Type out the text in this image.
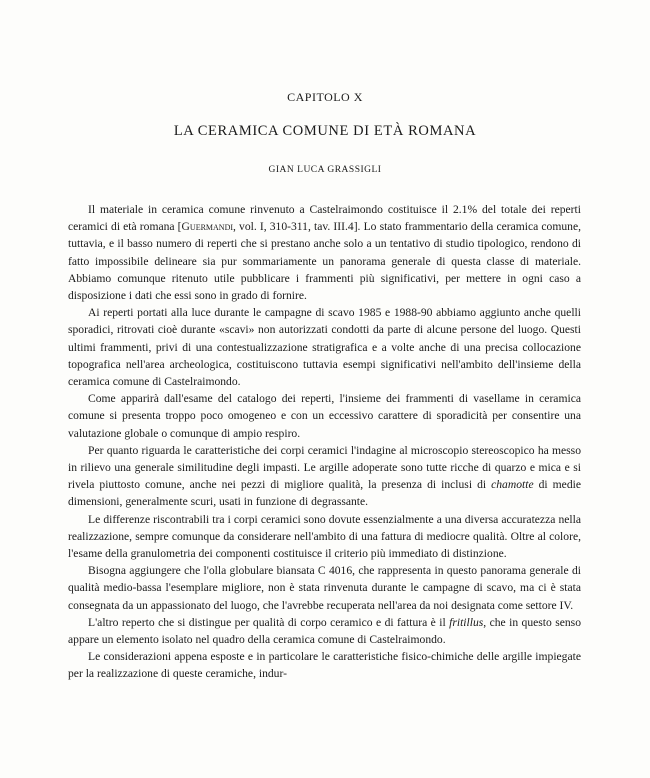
CAPITOLO X
LA CERAMICA COMUNE DI ETÀ ROMANA
GIAN LUCA GRASSIGLI

Il materiale in ceramica comune rinvenuto a Castelraimondo costituisce il 2.1% del totale dei reperti ceramici di età romana [Guermandi, vol. I, 310-311, tav. III.4]. Lo stato frammentario della ceramica comune, tuttavia, e il basso numero di reperti che si prestano anche solo a un tentativo di studio tipologico, rendono di fatto impossibile delineare sia pur sommariamente un panorama generale di questa classe di materiale. Abbiamo comunque ritenuto utile pubblicare i frammenti più significativi, per mettere in ogni caso a disposizione i dati che essi sono in grado di fornire.

Ai reperti portati alla luce durante le campagne di scavo 1985 e 1988-90 abbiamo aggiunto anche quelli sporadici, ritrovati cioè durante «scavi» non autorizzati condotti da parte di alcune persone del luogo. Questi ultimi frammenti, privi di una contestualizzazione stratigrafica e a volte anche di una precisa collocazione topografica nell'area archeologica, costituiscono tuttavia esempi significativi nell'ambito dell'insieme della ceramica comune di Castelraimondo.

Come apparirà dall'esame del catalogo dei reperti, l'insieme dei frammenti di vasellame in ceramica comune si presenta troppo poco omogeneo e con un eccessivo carattere di sporadicità per consentire una valutazione globale o comunque di ampio respiro.

Per quanto riguarda le caratteristiche dei corpi ceramici l'indagine al microscopio stereoscopico ha messo in rilievo una generale similitudine degli impasti. Le argille adoperate sono tutte ricche di quarzo e mica e si rivela piuttosto comune, anche nei pezzi di migliore qualità, la presenza di inclusi di chamotte di medie dimensioni, generalmente scuri, usati in funzione di degrassante.

Le differenze riscontrabili tra i corpi ceramici sono dovute essenzialmente a una diversa accuratezza nella realizzazione, sempre comunque da considerare nell'ambito di una fattura di mediocre qualità. Oltre al colore, l'esame della granulometria dei componenti costituisce il criterio più immediato di distinzione.

Bisogna aggiungere che l'olla globulare biansata C 4016, che rappresenta in questo panorama generale di qualità medio-bassa l'esemplare migliore, non è stata rinvenuta durante le campagne di scavo, ma ci è stata consegnata da un appassionato del luogo, che l'avrebbe recuperata nell'area da noi designata come settore IV.

L'altro reperto che si distingue per qualità di corpo ceramico e di fattura è il fritillus, che in questo senso appare un elemento isolato nel quadro della ceramica comune di Castelraimondo.

Le considerazioni appena esposte e in particolare le caratteristiche fisico-chimiche delle argille impiegate per la realizzazione di queste ceramiche, indur-
